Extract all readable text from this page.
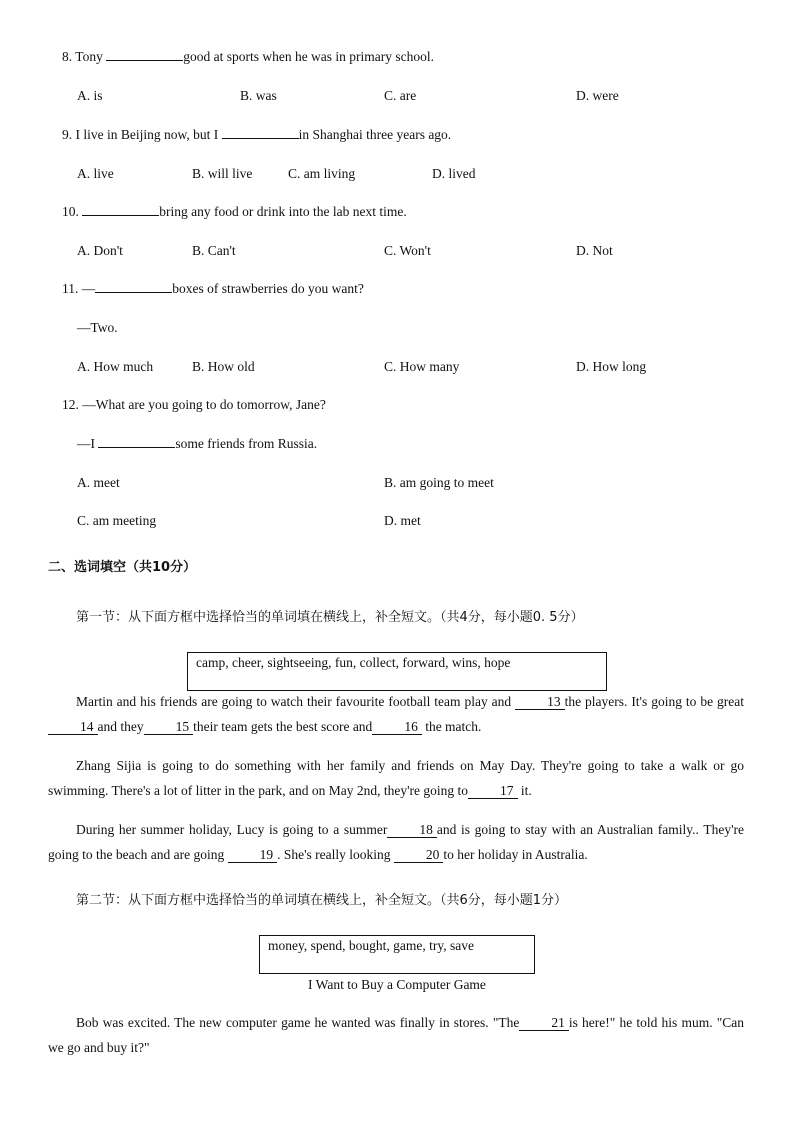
8. Tony	good at sports when he was in primary school.
A. is	B. was	C. are	D. were
9. I live in Beijing now, but I	in Shanghai three years ago.
A. live	B. will live	C. am living	D. lived
10.	bring any food or drink into the lab next time.
A. Don't	B. Can't	C. Won't	D. Not
11. —	boxes of strawberries do you want?
—Two.
A. How much	B. How old	C. How many	D. How long
12. —What are you going to do tomorrow, Jane?
—I	some friends from Russia.
A. meet	B. am going to meet
C. am meeting	D. met
二、选词填空（共10分）
第一节：从下面方框中选择恰当的单词填在横线上，补全短文。（共4分，每小题0. 5分）
camp, cheer, sightseeing, fun, collect, forward, wins, hope
Martin and his friends are going to watch their favourite football team play and 13 the players. It's going to be great14 and they 15 their team gets the best score and 16 the match.
Zhang Sijia is going to do something with her family and friends on May Day. They're going to take a walk or go swimming. There's a lot of litter in the park, and on May 2nd, they're going to 17 it.
During her summer holiday, Lucy is going to a summer 18 and is going to stay with an Australian family.. They're going to the beach and are going 19 . She's really looking 20 to her holiday in Australia.
第二节：从下面方框中选择恰当的单词填在横线上，补全短文。（共6分，每小题1分）
money, spend, bought, game, try, save
I Want to Buy a Computer Game
Bob was excited. The new computer game he wanted was finally in stores. "The 21 is here!" he told his mum. "Can we go and buy it?"
